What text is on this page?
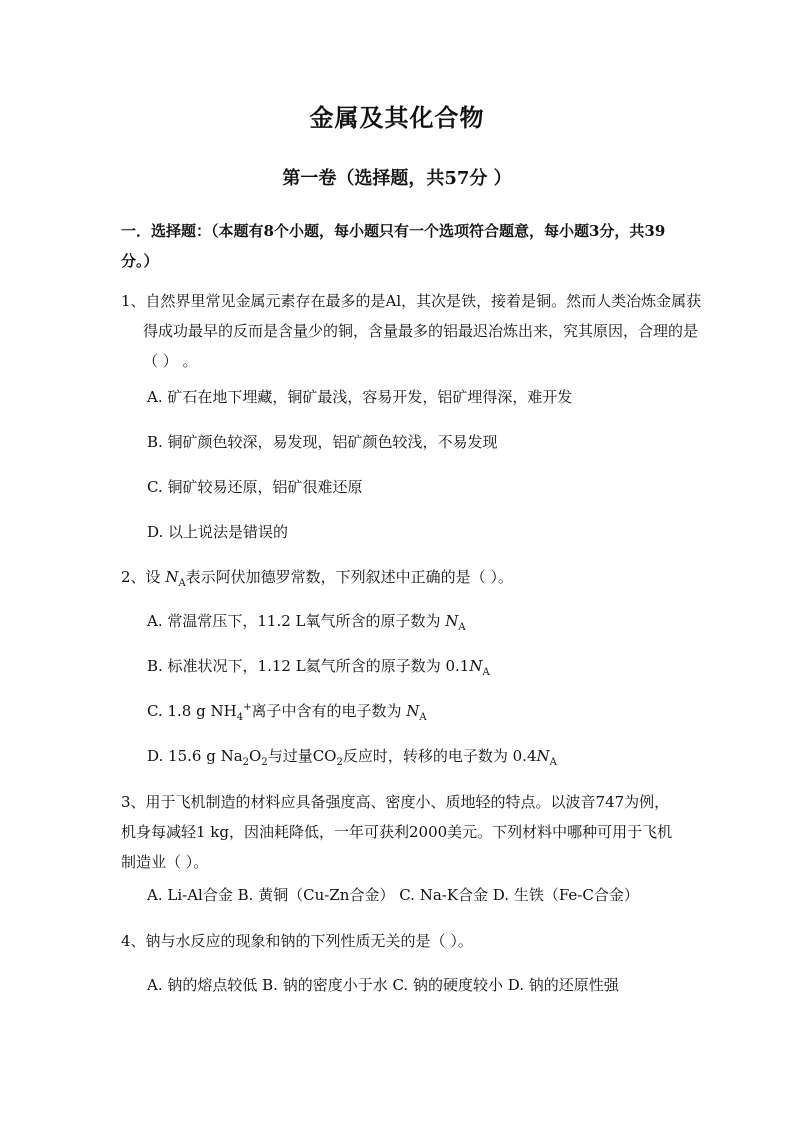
金属及其化合物
第一卷（选择题，共57分 ）
一．选择题：（本题有8个小题，每小题只有一个选项符合题意，每小题3分，共39分。）
1、自然界里常见金属元素存在最多的是Al，其次是铁，接着是铜。然而人类冶炼金属获得成功最早的反而是含量少的铜，含量最多的铝最迟冶炼出来，究其原因，合理的是（ ） 。
A. 矿石在地下埋藏，铜矿最浅，容易开发，铝矿埋得深，难开发
B. 铜矿颜色较深，易发现，铝矿颜色较浅，不易发现
C. 铜矿较易还原，铝矿很难还原
D. 以上说法是错误的
2、设 $N_A$表示阿伏加德罗常数，下列叙述中正确的是（ ）。
A. 常温常压下，11.2 L氧气所含的原子数为 $N_A$
B. 标准状况下，1.12 L氦气所含的原子数为 $0.1N_A$
C. 1.8 g $NH_4^+$离子中含有的电子数为 $N_A$
D. 15.6 g $Na_2O_2$与过量$CO_2$反应时，转移的电子数为 $0.4N_A$
3、用于飞机制造的材料应具备强度高、密度小、质地轻的特点。以波音747为例，机身每减轻1 kg，因油耗降低，一年可获利2000美元。下列材料中哪种可用于飞机制造业（ ）。
A. Li-Al合金 B. 黄铜（Cu-Zn合金） C. Na-K合金 D. 生铁（Fe-C合金）
4、钠与水反应的现象和钠的下列性质无关的是（ ）。
A. 钠的熔点较低 B. 钠的密度小于水 C. 钠的硬度较小 D. 钠的还原性强
